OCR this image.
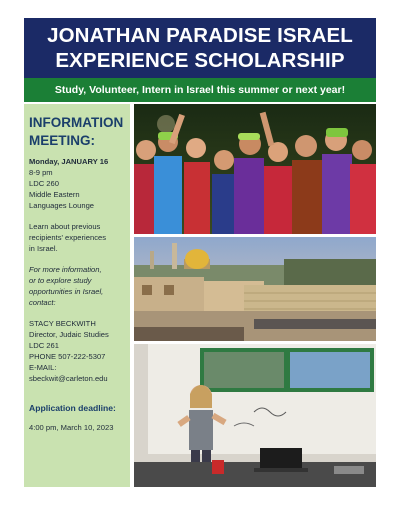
JONATHAN PARADISE ISRAEL
EXPERIENCE SCHOLARSHIP
Study, Volunteer, Intern in Israel this summer or next year!
INFORMATION
MEETING:

Monday, JANUARY 16

8-9 pm

LDC 260

Middle Eastern

Languages Lounge

Learn about previous

recipients' experiences

in Israel.

For more information,

or to explore study

opportunities in Israel,

contact:

STACY BECKWITH

Director, Judaic Studies

LDC 261

PHONE 507-222-5307

E-MAIL:

sbeckwit@carleton.edu

Application deadline:

4:00 pm, March 10, 2023
